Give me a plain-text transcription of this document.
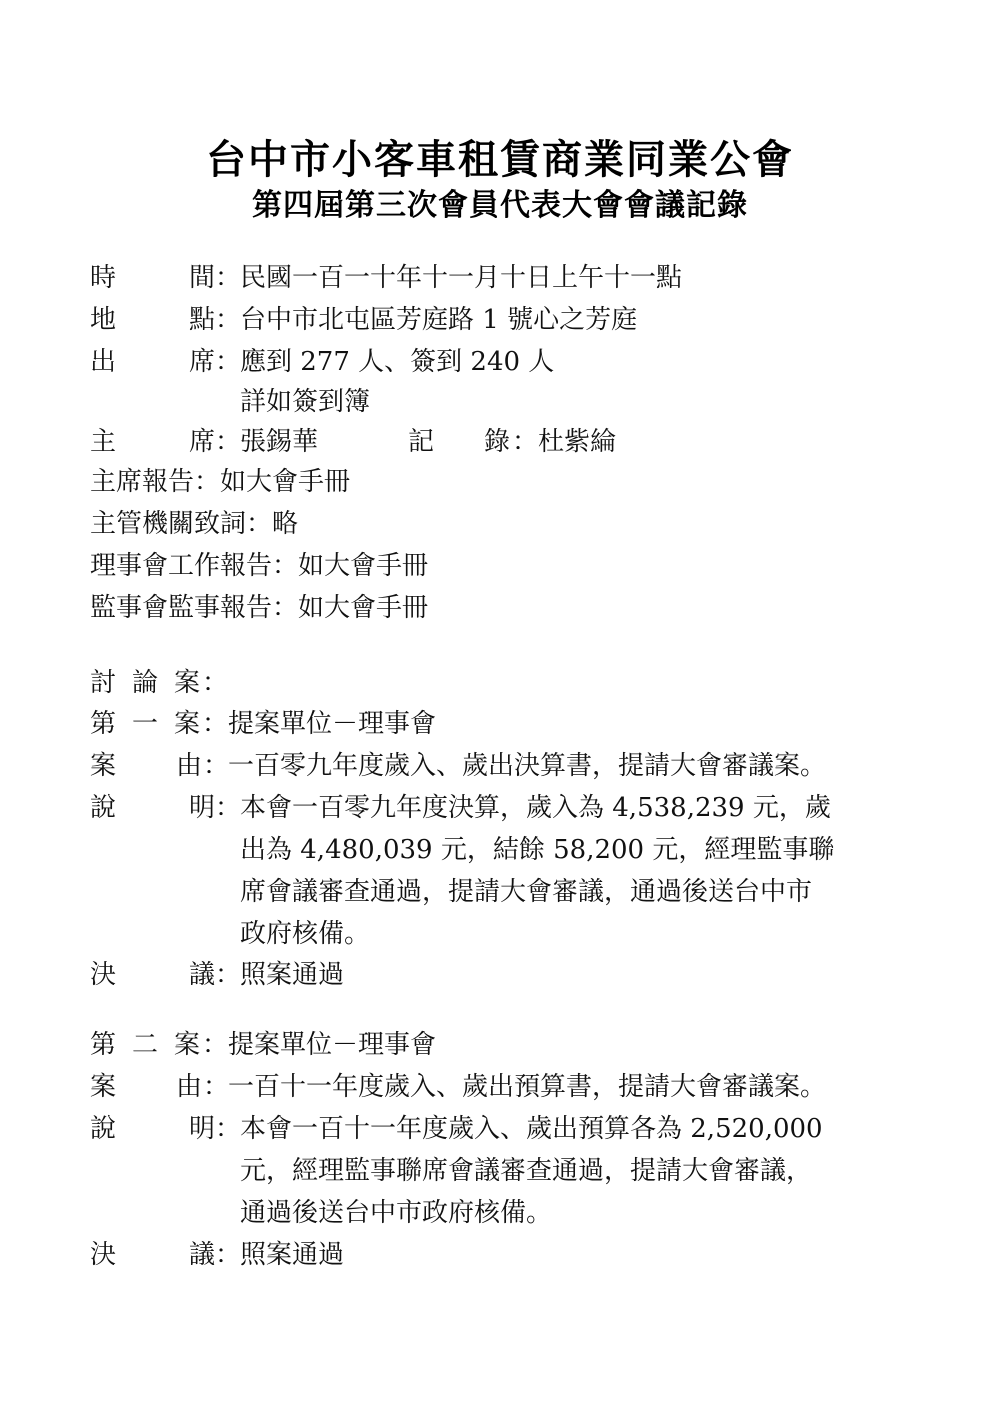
台中市小客車租賃商業同業公會
第四屆第三次會員代表大會會議記錄
時	間 ：
民國一百一十年十一月十日上午十一點
地	點 ：
台中市北屯區芳庭路 1 號心之芳庭
出	席 ：
應到 277 人、簽到 240 人
詳如簽到簿
主	席 ：
張錫華	記 錄 ： 杜紫綸
主席報告：如大會手冊
主管機關致詞：略
理事會工作報告：如大會手冊
監事會監事報告：如大會手冊
討 論 案 ：
第 一 案 ： 提案單位－理事會
案 由 ：
一百零九年度歲入、歲出決算書，提請大會審議案。
說	明 ：
本會一百零九年度決算，歲入為 4,538,239 元，歲
出為 4,480,039 元，結餘 58,200 元，經理監事聯
席會議審查通過，提請大會審議，通過後送台中市
政府核備。
決	議 ：
照案通過
第 二 案 ： 提案單位－理事會
案 由 ：
一百十一年度歲入、歲出預算書，提請大會審議案。
說	明 ：
本會一百十一年度歲入、歲出預算各為 2,520,000
元，經理監事聯席會議審查通過，提請大會審議，
通過後送台中市政府核備。
決	議 ：
照案通過
